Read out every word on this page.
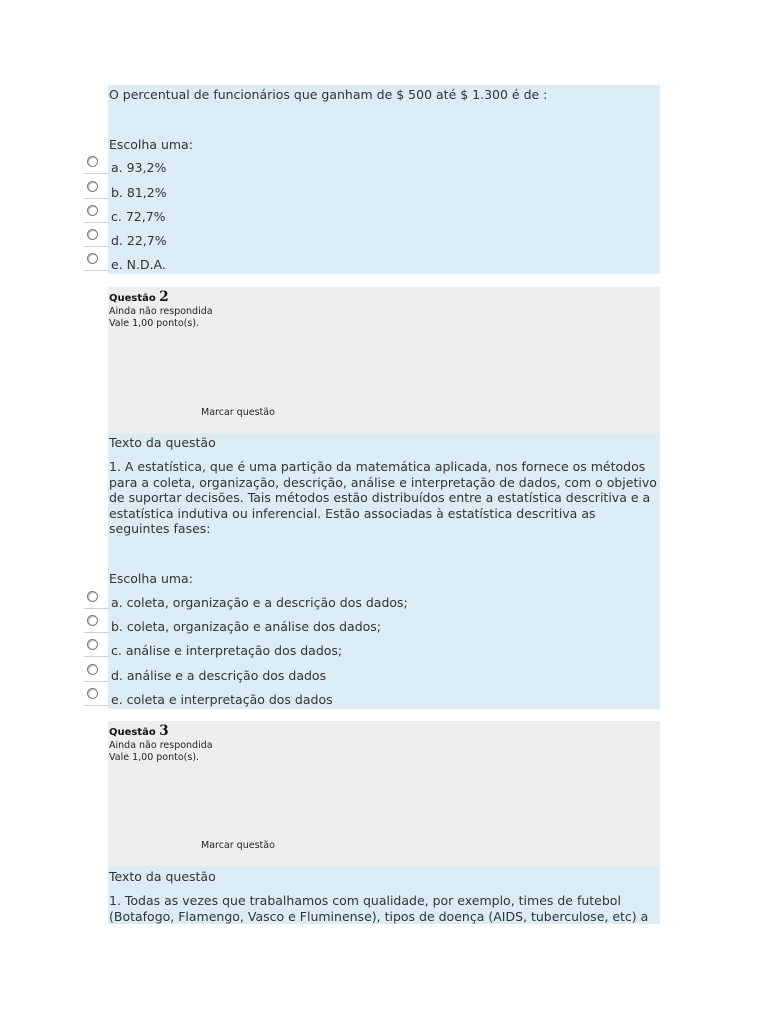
O percentual de funcionários que ganham de $ 500 até $ 1.300 é de :

Escolha uma:
a. 93,2%
b. 81,2%
c. 72,7%
d. 22,7%
e. N.D.A.
Questão 2
Ainda não respondida
Vale 1,00 ponto(s).
Marcar questão
Texto da questão

1. A estatística, que é uma partição da matemática aplicada, nos fornece os métodos para a coleta, organização, descrição, análise e interpretação de dados, com o objetivo de suportar decisões. Tais métodos estão distribuídos entre a estatística descritiva e a estatística indutiva ou inferencial. Estão associadas à estatística descritiva as seguintes fases:

Escolha uma:
a. coleta, organização e a descrição dos dados;
b. coleta, organização e análise dos dados;
c. análise e interpretação dos dados;
d. análise e a descrição dos dados
e. coleta e interpretação dos dados
Questão 3
Ainda não respondida
Vale 1,00 ponto(s).
Marcar questão
Texto da questão

1. Todas as vezes que trabalhamos com qualidade, por exemplo, times de futebol (Botafogo, Flamengo, Vasco e Fluminense), tipos de doença (AIDS, tuberculose, etc) a
